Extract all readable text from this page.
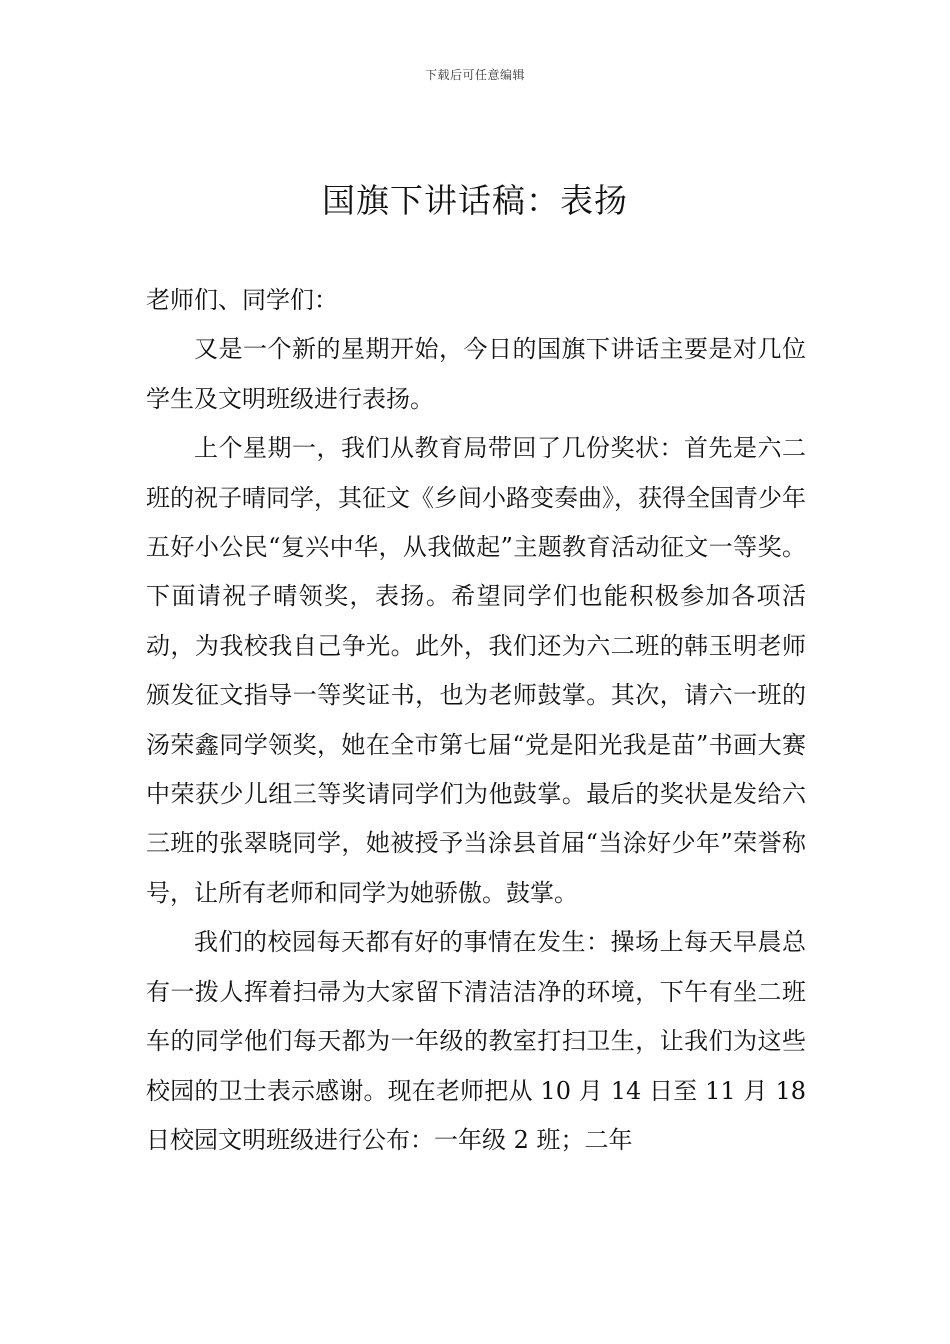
下载后可任意编辑
国旗下讲话稿：表扬

老师们、同学们：

又是一个新的星期开始，今日的国旗下讲话主要是对几位学生及文明班级进行表扬。

上个星期一，我们从教育局带回了几份奖状：首先是六二班的祝子晴同学，其征文《乡间小路变奏曲》，获得全国青少年五好小公民“复兴中华，从我做起”主题教育活动征文一等奖。下面请祝子晴领奖，表扬。希望同学们也能积极参加各项活动，为我校我自己争光。此外，我们还为六二班的韩玉明老师颁发征文指导一等奖证书，也为老师鼓掌。其次，请六一班的汤荣鑫同学领奖，她在全市第七届“党是阳光我是苗”书画大赛中荣获少儿组三等奖请同学们为他鼓掌。最后的奖状是发给六三班的张翠晓同学，她被授予当涂县首届“当涂好少年”荣誉称号，让所有老师和同学为她骄傲。鼓掌。

我们的校园每天都有好的事情在发生：操场上每天早晨总有一拨人挥着扫帚为大家留下清洁洁净的环境，下午有坐二班车的同学他们每天都为一年级的教室打扫卫生，让我们为这些校园的卫士表示感谢。现在老师把从 10 月 14 日至 11 月 18 日校园文明班级进行公布：一年级 2 班；二年
